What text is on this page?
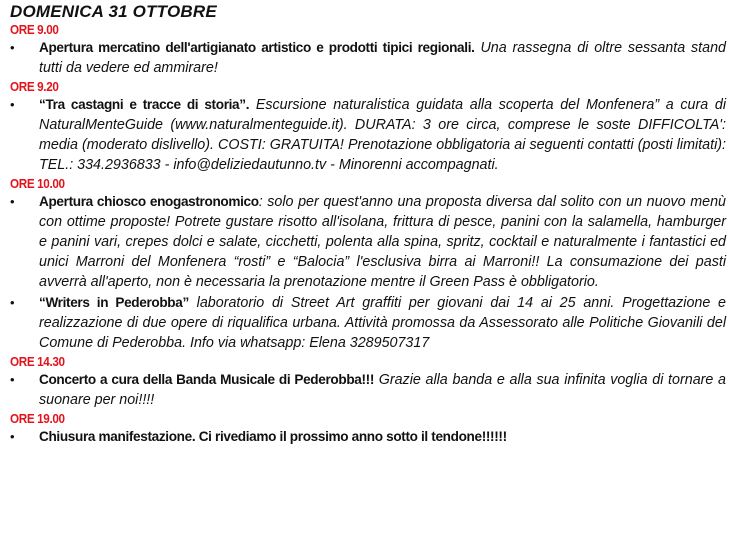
DOMENICA 31 OTTOBRE
ORE 9.00
• Apertura mercatino dell'artigianato artistico e prodotti tipici regionali. Una rassegna di oltre sessanta stand tutti da vedere ed ammirare!
ORE 9.20
• “Tra castagni e tracce di storia”. Escursione naturalistica guidata alla scoperta del Monfenera” a cura di NaturalMenteGuide (www.naturalmenteguide.it). DURATA: 3 ore circa, comprese le soste DIFFICOLTA': media (moderato dislivello). COSTI: GRATUITA! Prenotazione obbligatoria ai seguenti contatti (posti limitati): TEL.: 334.2936833 - info@deliziedautunno.tv - Minorenni accompagnati.
ORE 10.00
• Apertura chiosco enogastronomico: solo per quest'anno una proposta diversa dal solito con un nuovo menù con ottime proposte! Potrete gustare risotto all'isolana, frittura di pesce, panini con la salamella, hamburger e panini vari, crepes dolci e salate, cicchetti, polenta alla spina, spritz, cocktail e naturalmente i fantastici ed unici Marroni del Monfenera “rosti” e “Balocia” l'esclusiva birra ai Marroni!! La consumazione dei pasti avverrà all'aperto, non è necessaria la prenotazione mentre il Green Pass è obbligatorio.
• “Writers in Pederobba” laboratorio di Street Art graffiti per giovani dai 14 ai 25 anni. Progettazione e realizzazione di due opere di riqualifica urbana. Attività promossa da Assessorato alle Politiche Giovanili del Comune di Pederobba. Info via whatsapp: Elena 3289507317
ORE 14.30
• Concerto a cura della Banda Musicale di Pederobba!!! Grazie alla banda e alla sua infinita voglia di tornare a suonare per noi!!!!
ORE 19.00
• Chiusura manifestazione. Ci rivediamo il prossimo anno sotto il tendone!!!!!!
